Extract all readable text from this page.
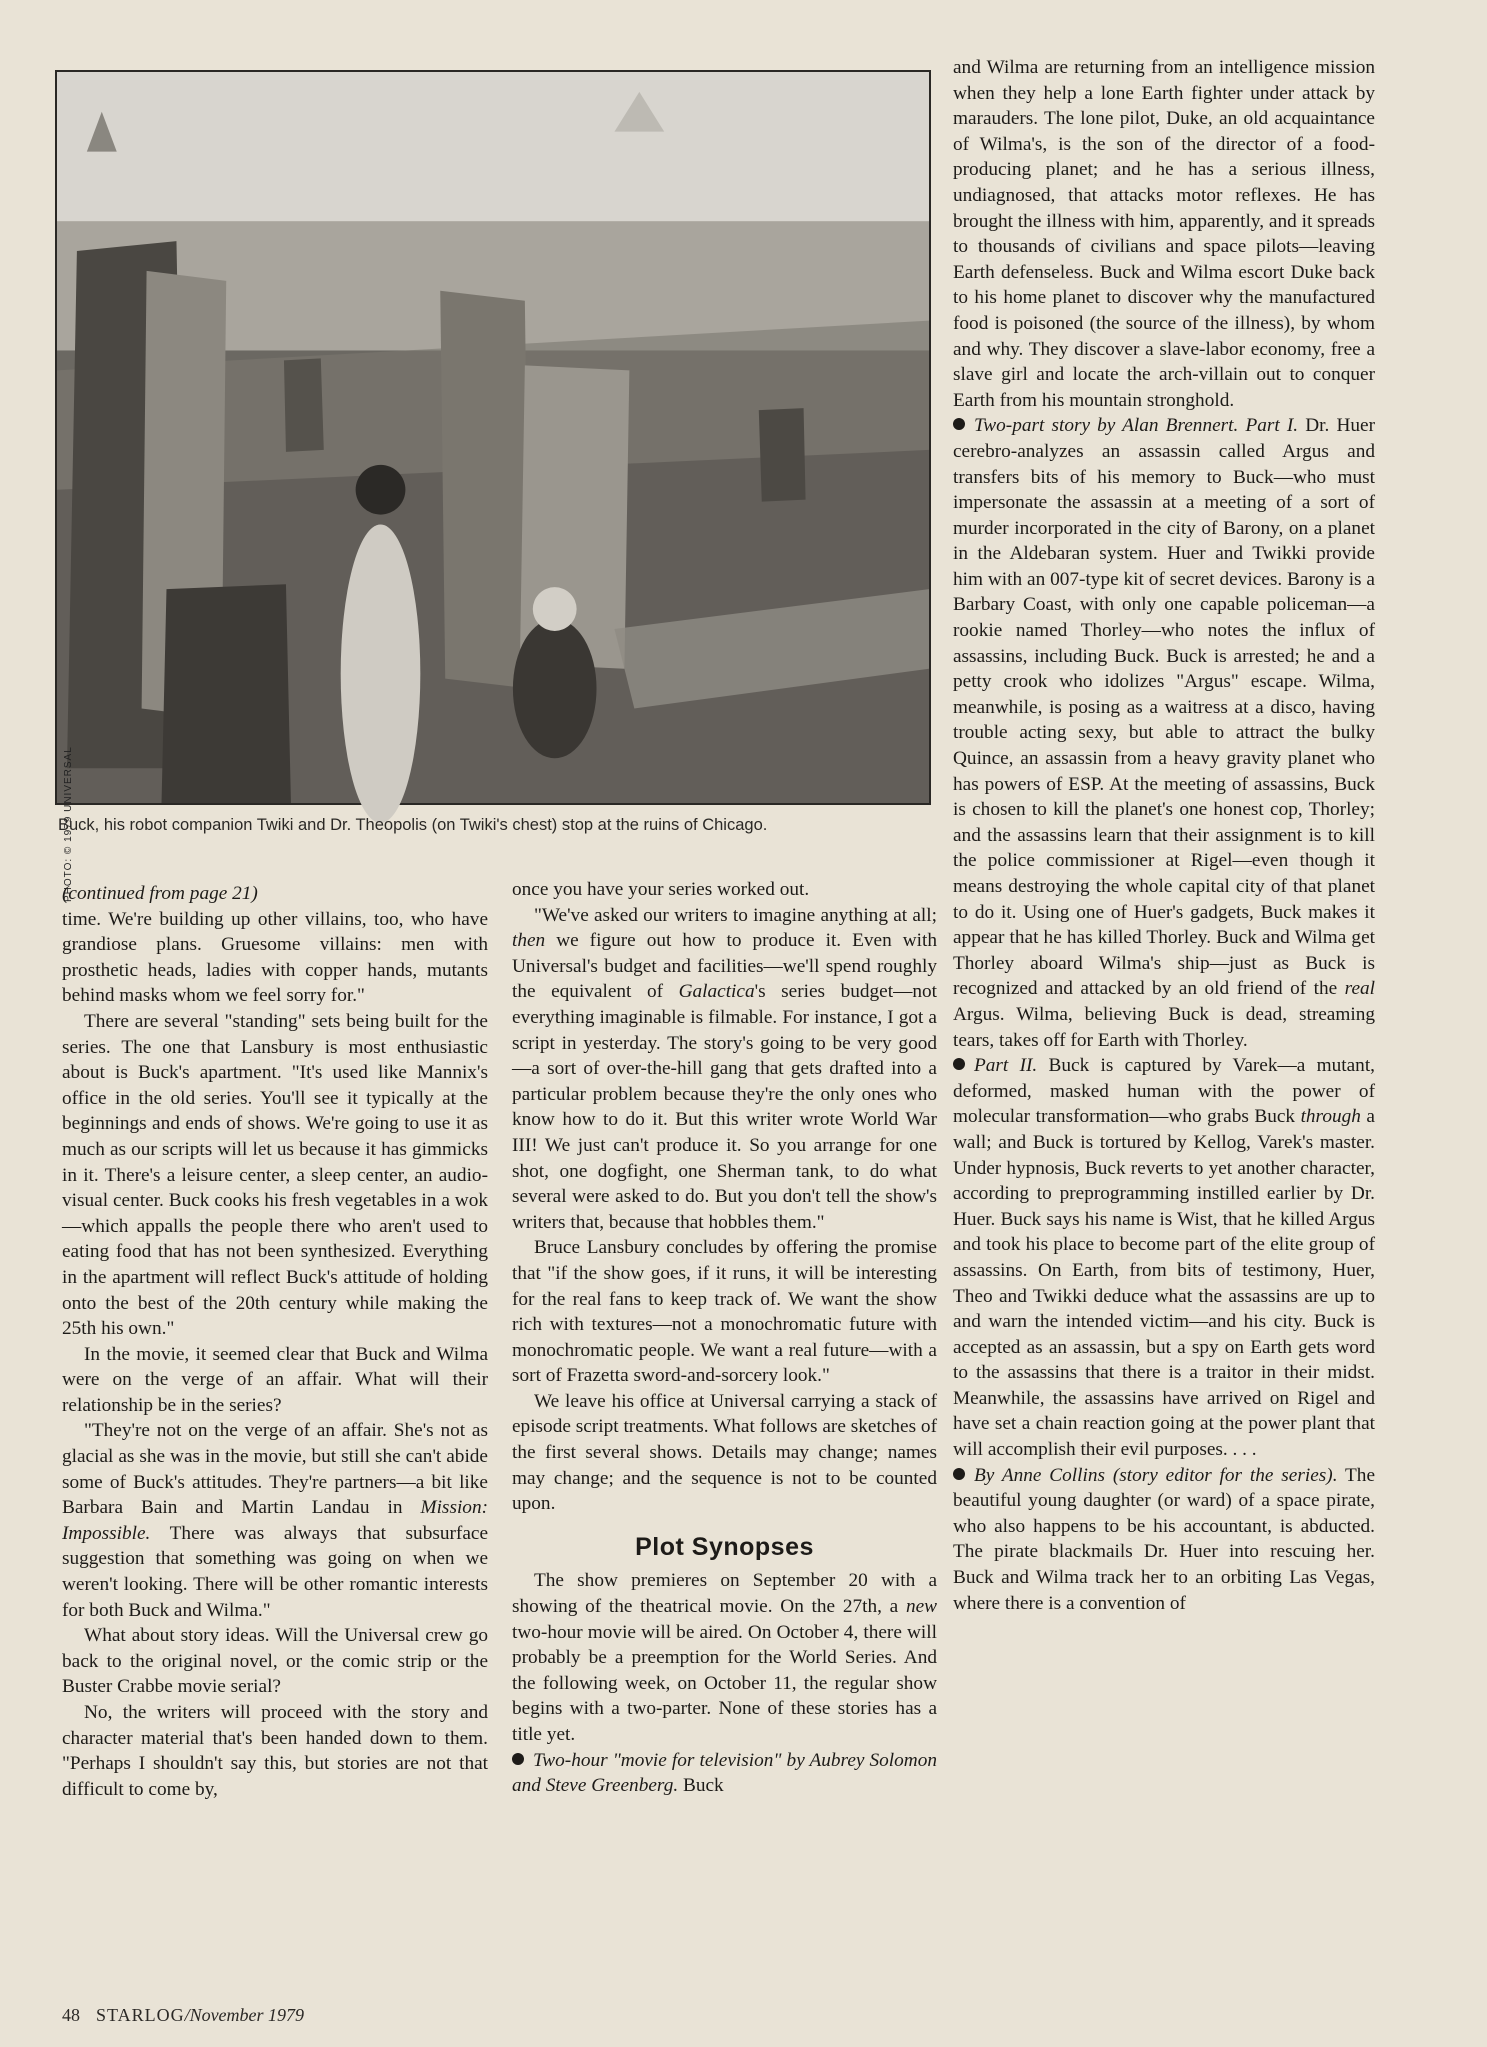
PHOTO: © 1979 UNIVERSAL
Buck, his robot companion Twiki and Dr. Theopolis (on Twiki's chest) stop at the ruins of Chicago.

(continued from page 21)

time. We're building up other villains, too, who have grandiose plans. Gruesome villains: men with prosthetic heads, ladies with copper hands, mutants behind masks whom we feel sorry for."

There are several "standing" sets being built for the series. The one that Lansbury is most enthusiastic about is Buck's apartment. "It's used like Mannix's office in the old series. You'll see it typically at the beginnings and ends of shows. We're going to use it as much as our scripts will let us because it has gimmicks in it. There's a leisure center, a sleep center, an audio-visual center. Buck cooks his fresh vegetables in a wok—which appalls the people there who aren't used to eating food that has not been synthesized. Everything in the apartment will reflect Buck's attitude of holding onto the best of the 20th century while making the 25th his own."

In the movie, it seemed clear that Buck and Wilma were on the verge of an affair. What will their relationship be in the series?

"They're not on the verge of an affair. She's not as glacial as she was in the movie, but still she can't abide some of Buck's attitudes. They're partners—a bit like Barbara Bain and Martin Landau in Mission: Impossible. There was always that subsurface suggestion that something was going on when we weren't looking. There will be other romantic interests for both Buck and Wilma."

What about story ideas. Will the Universal crew go back to the original novel, or the comic strip or the Buster Crabbe movie serial?

No, the writers will proceed with the story and character material that's been handed down to them. "Perhaps I shouldn't say this, but stories are not that difficult to come by,

once you have your series worked out.

"We've asked our writers to imagine anything at all; then we figure out how to produce it. Even with Universal's budget and facilities—we'll spend roughly the equivalent of Galactica's series budget—not everything imaginable is filmable. For instance, I got a script in yesterday. The story's going to be very good—a sort of over-the-hill gang that gets drafted into a particular problem because they're the only ones who know how to do it. But this writer wrote World War III! We just can't produce it. So you arrange for one shot, one dogfight, one Sherman tank, to do what several were asked to do. But you don't tell the show's writers that, because that hobbles them."

Bruce Lansbury concludes by offering the promise that "if the show goes, if it runs, it will be interesting for the real fans to keep track of. We want the show rich with textures—not a monochromatic future with monochromatic people. We want a real future—with a sort of Frazetta sword-and-sorcery look."

We leave his office at Universal carrying a stack of episode script treatments. What follows are sketches of the first several shows. Details may change; names may change; and the sequence is not to be counted upon.

Plot Synopses

The show premieres on September 20 with a showing of the theatrical movie. On the 27th, a new two-hour movie will be aired. On October 4, there will probably be a preemption for the World Series. And the following week, on October 11, the regular show begins with a two-parter. None of these stories has a title yet.

Two-hour "movie for television" by Aubrey Solomon and Steve Greenberg. Buck

and Wilma are returning from an intelligence mission when they help a lone Earth fighter under attack by marauders. The lone pilot, Duke, an old acquaintance of Wilma's, is the son of the director of a food-producing planet; and he has a serious illness, undiagnosed, that attacks motor reflexes. He has brought the illness with him, apparently, and it spreads to thousands of civilians and space pilots—leaving Earth defenseless. Buck and Wilma escort Duke back to his home planet to discover why the manufactured food is poisoned (the source of the illness), by whom and why. They discover a slave-labor economy, free a slave girl and locate the arch-villain out to conquer Earth from his mountain stronghold.

Two-part story by Alan Brennert. Part I. Dr. Huer cerebro-analyzes an assassin called Argus and transfers bits of his memory to Buck—who must impersonate the assassin at a meeting of a sort of murder incorporated in the city of Barony, on a planet in the Aldebaran system. Huer and Twikki provide him with an 007-type kit of secret devices. Barony is a Barbary Coast, with only one capable policeman—a rookie named Thorley—who notes the influx of assassins, including Buck. Buck is arrested; he and a petty crook who idolizes "Argus" escape. Wilma, meanwhile, is posing as a waitress at a disco, having trouble acting sexy, but able to attract the bulky Quince, an assassin from a heavy gravity planet who has powers of ESP. At the meeting of assassins, Buck is chosen to kill the planet's one honest cop, Thorley; and the assassins learn that their assignment is to kill the police commissioner at Rigel—even though it means destroying the whole capital city of that planet to do it. Using one of Huer's gadgets, Buck makes it appear that he has killed Thorley. Buck and Wilma get Thorley aboard Wilma's ship—just as Buck is recognized and attacked by an old friend of the real Argus. Wilma, believing Buck is dead, streaming tears, takes off for Earth with Thorley.

Part II. Buck is captured by Varek—a mutant, deformed, masked human with the power of molecular transformation—who grabs Buck through a wall; and Buck is tortured by Kellog, Varek's master. Under hypnosis, Buck reverts to yet another character, according to preprogramming instilled earlier by Dr. Huer. Buck says his name is Wist, that he killed Argus and took his place to become part of the elite group of assassins. On Earth, from bits of testimony, Huer, Theo and Twikki deduce what the assassins are up to and warn the intended victim—and his city. Buck is accepted as an assassin, but a spy on Earth gets word to the assassins that there is a traitor in their midst. Meanwhile, the assassins have arrived on Rigel and have set a chain reaction going at the power plant that will accomplish their evil purposes. . . .

By Anne Collins (story editor for the series). The beautiful young daughter (or ward) of a space pirate, who also happens to be his accountant, is abducted. The pirate blackmails Dr. Huer into rescuing her. Buck and Wilma track her to an orbiting Las Vegas, where there is a convention of

48 STARLOG/November 1979
